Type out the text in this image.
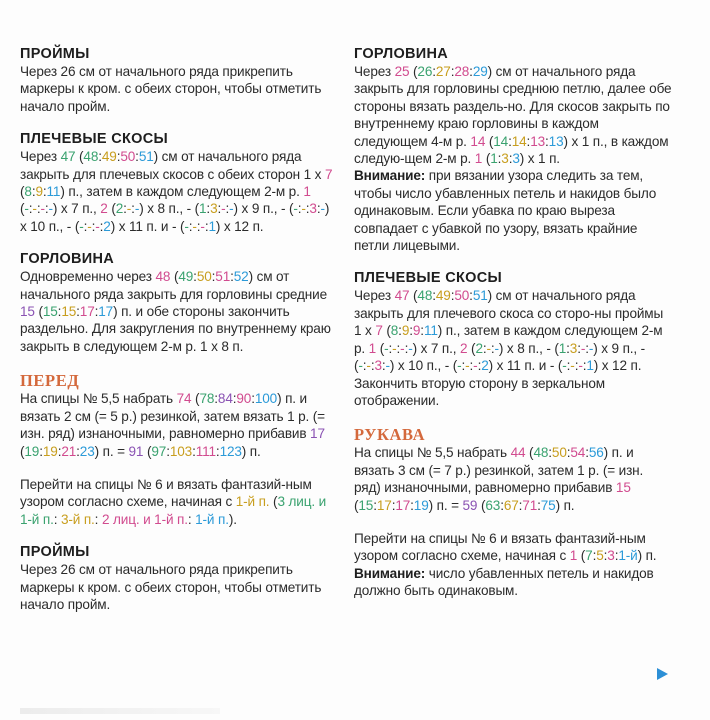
ПРОЙМЫ

Через 26 см от начального ряда прикрепить маркеры к кром. с обеих сторон, чтобы отметить начало пройм.

ПЛЕЧЕВЫЕ СКОСЫ

Через 47 (48:49:50:51) см от начального ряда закрыть для плечевых скосов с обеих сторон 1 х 7 (8:9:11) п., затем в каждом следующем 2-м р. 1 (-:-:-:-) х 7 п., 2 (2:-:-) х 8 п., - (1:3:-:-) х 9 п., - (-:-:3:-) х 10 п., - (-:-:-:2) х 11 п. и - (-:-:-:1) х 12 п.

ГОРЛОВИНА

Одновременно через 48 (49:50:51:52) см от начального ряда закрыть для горловины средние 15 (15:15:17:17) п. и обе стороны закончить раздельно. Для закругления по внутреннему краю закрыть в следующем 2-м р. 1 х 8 п.

ПЕРЕД

На спицы № 5,5 набрать 74 (78:84:90:100) п. и вязать 2 см (= 5 р.) резинкой, затем вязать 1 р. (= изн. ряд) изнаночными, равномерно прибавив 17 (19:19:21:23) п. = 91 (97:103:111:123) п.

Перейти на спицы № 6 и вязать фантазий-ным узором согласно схеме, начиная с 1-й п. (3 лиц. и 1-й п.: 3-й п.: 2 лиц. и 1-й п.: 1-й п.).

ПРОЙМЫ

Через 26 см от начального ряда прикрепить маркеры к кром. с обеих сторон, чтобы отметить начало пройм.

ГОРЛОВИНА

Через 25 (26:27:28:29) см от начального ряда закрыть для горловины среднюю петлю, далее обе стороны вязать раздель-но. Для скосов закрыть по внутреннему краю горловины в каждом следующем 4-м р. 14 (14:14:13:13) х 1 п., в каждом следую-щем 2-м р. 1 (1:3:3) х 1 п.
Внимание: при вязании узора следить за тем, чтобы число убавленных петель и накидов было одинаковым. Если убавка по краю выреза совпадает с убавкой по узору, вязать крайние петли лицевыми.

ПЛЕЧЕВЫЕ СКОСЫ

Через 47 (48:49:50:51) см от начального ряда закрыть для плечевого скоса со сторо-ны проймы 1 х 7 (8:9:9:11) п., затем в каждом следующем 2-м р. 1 (-:-:-:-) х 7 п., 2 (2:-:-) х 8 п., - (1:3:-:-) х 9 п., - (-:-:3:-) х 10 п., - (-:-:-:2) х 11 п. и - (-:-:-:1) х 12 п.
Закончить вторую сторону в зеркальном отображении.

РУКАВА

На спицы № 5,5 набрать 44 (48:50:54:56) п. и вязать 3 см (= 7 р.) резинкой, затем 1 р. (= изн. ряд) изнаночными, равномерно прибавив 15 (15:17:17:19) п. = 59 (63:67:71:75) п.

Перейти на спицы № 6 и вязать фантазий-ным узором согласно схеме, начиная с 1 (7:5:3:1-й) п.
Внимание: число убавленных петель и накидов должно быть одинаковым.
